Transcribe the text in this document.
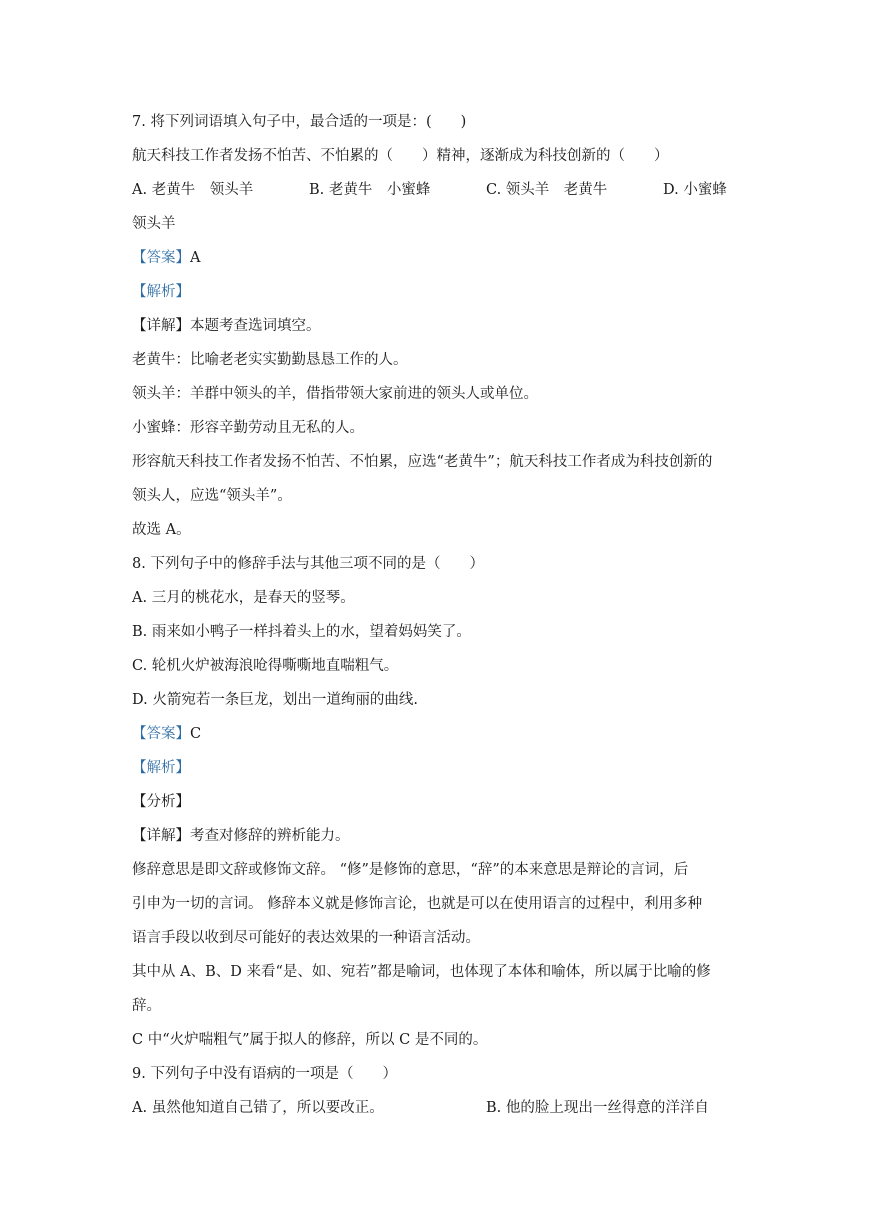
7. 将下列词语填入句子中，最合适的一项是：(　　)
航天科技工作者发扬不怕苦、不怕累的（　　）精神，逐渐成为科技创新的（　　）
A. 老黄牛　领头羊	B. 老黄牛　小蜜蜂	C. 领头羊　老黄牛	D. 小蜜蜂
领头羊
【答案】A
【解析】
【详解】本题考查选词填空。
老黄牛：比喻老老实实勤勤恳恳工作的人。
领头羊：羊群中领头的羊，借指带领大家前进的领头人或单位。
小蜜蜂：形容辛勤劳动且无私的人。
形容航天科技工作者发扬不怕苦、不怕累，应选“老黄牛”；航天科技工作者成为科技创新的
领头人，应选“领头羊”。
故选 A。
8. 下列句子中的修辞手法与其他三项不同的是（　　）
A. 三月的桃花水，是春天的竖琴。
B. 雨来如小鸭子一样抖着头上的水，望着妈妈笑了。
C. 轮机火炉被海浪呛得嘶嘶地直喘粗气。
D. 火箭宛若一条巨龙，划出一道绚丽的曲线.
【答案】C
【解析】
【分析】
【详解】考查对修辞的辨析能力。
修辞意思是即文辞或修饰文辞。 “修”是修饰的意思，“辞”的本来意思是辩论的言词，后
引申为一切的言词。 修辞本义就是修饰言论，也就是可以在使用语言的过程中，利用多种
语言手段以收到尽可能好的表达效果的一种语言活动。
其中从 A、B、D 来看“是、如、宛若”都是喻词，也体现了本体和喻体，所以属于比喻的修
辞。
C 中“火炉喘粗气”属于拟人的修辞，所以 C 是不同的。
9. 下列句子中没有语病的一项是（　　）
A. 虽然他知道自己错了，所以要改正。	B. 他的脸上现出一丝得意的洋洋自
